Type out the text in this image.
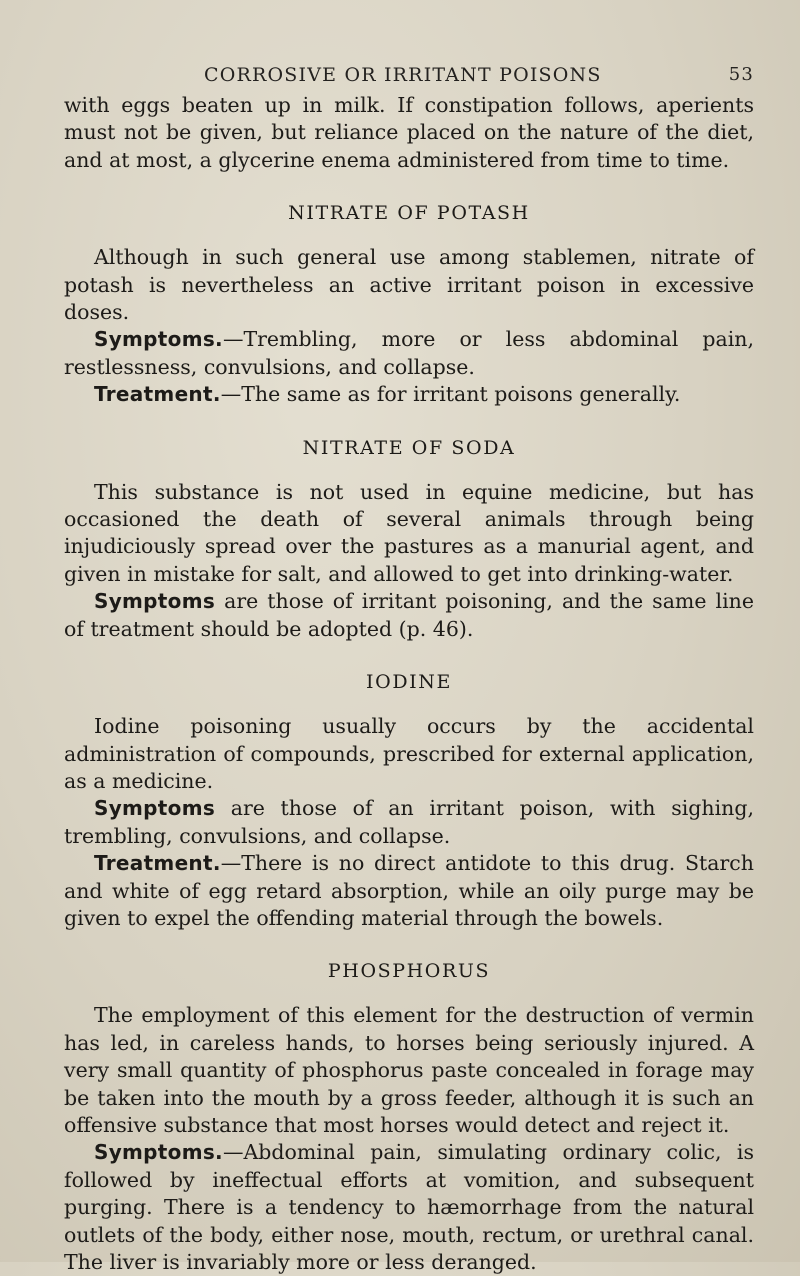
CORROSIVE OR IRRITANT POISONS	53

with eggs beaten up in milk. If constipation follows, aperients must not be given, but reliance placed on the nature of the diet, and at most, a glycerine enema administered from time to time.

NITRATE OF POTASH

Although in such general use among stablemen, nitrate of potash is nevertheless an active irritant poison in excessive doses.

Symptoms.—Trembling, more or less abdominal pain, restlessness, convulsions, and collapse.

Treatment.—The same as for irritant poisons generally.

NITRATE OF SODA

This substance is not used in equine medicine, but has occasioned the death of several animals through being injudiciously spread over the pastures as a manurial agent, and given in mistake for salt, and allowed to get into drinking-water.

Symptoms are those of irritant poisoning, and the same line of treatment should be adopted (p. 46).

IODINE

Iodine poisoning usually occurs by the accidental administration of compounds, prescribed for external application, as a medicine.

Symptoms are those of an irritant poison, with sighing, trembling, convulsions, and collapse.

Treatment.—There is no direct antidote to this drug. Starch and white of egg retard absorption, while an oily purge may be given to expel the offending material through the bowels.

PHOSPHORUS

The employment of this element for the destruction of vermin has led, in careless hands, to horses being seriously injured. A very small quantity of phosphorus paste concealed in forage may be taken into the mouth by a gross feeder, although it is such an offensive substance that most horses would detect and reject it.

Symptoms.—Abdominal pain, simulating ordinary colic, is followed by ineffectual efforts at vomition, and subsequent purging. There is a tendency to hæmorrhage from the natural outlets of the body, either nose, mouth, rectum, or urethral canal. The liver is invariably more or less deranged.
